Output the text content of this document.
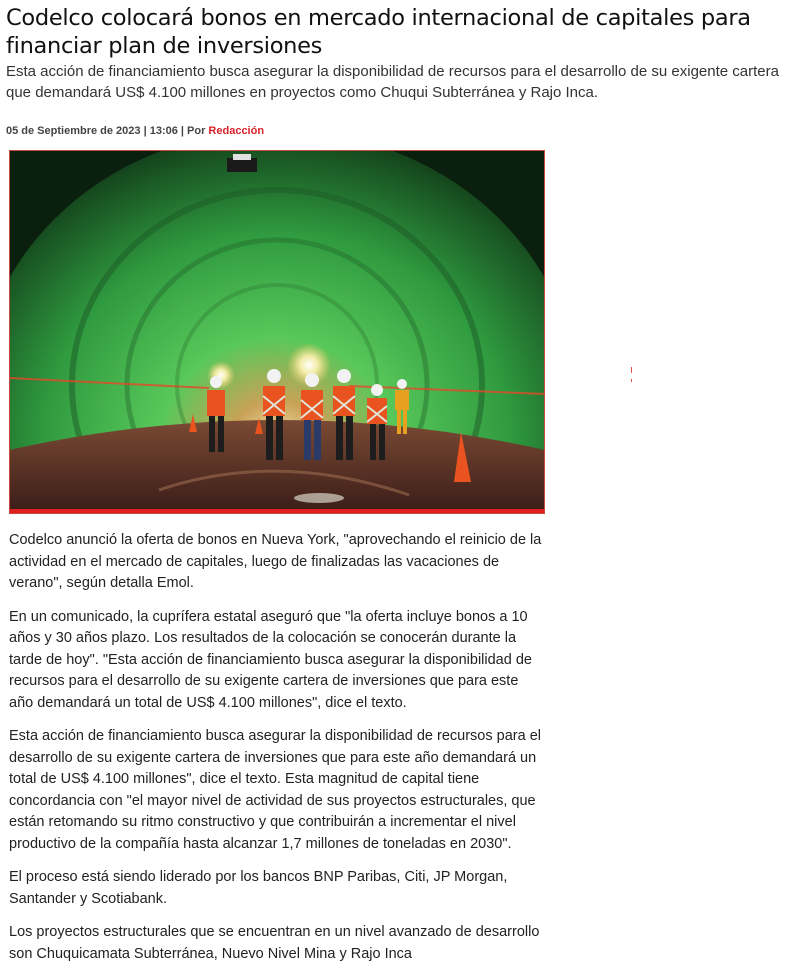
Codelco colocará bonos en mercado internacional de capitales para financiar plan de inversiones

Esta acción de financiamiento busca asegurar la disponibilidad de recursos para el desarrollo de su exigente cartera que demandará US$ 4.100 millones en proyectos como Chuqui Subterránea y Rajo Inca.

05 de Septiembre de 2023 | 13:06 | Por Redacción

Codelco anunció la oferta de bonos en Nueva York, "aprovechando el reinicio de la actividad en el mercado de capitales, luego de finalizadas las vacaciones de verano", según detalla Emol.

En un comunicado, la cuprífera estatal aseguró que "la oferta incluye bonos a 10 años y 30 años plazo. Los resultados de la colocación se conocerán durante la tarde de hoy". "Esta acción de financiamiento busca asegurar la disponibilidad de recursos para el desarrollo de su exigente cartera de inversiones que para este año demandará un total de US$ 4.100 millones", dice el texto.

Esta acción de financiamiento busca asegurar la disponibilidad de recursos para el desarrollo de su exigente cartera de inversiones que para este año demandará un total de US$ 4.100 millones", dice el texto. Esta magnitud de capital tiene concordancia con "el mayor nivel de actividad de sus proyectos estructurales, que están retomando su ritmo constructivo y que contribuirán a incrementar el nivel productivo de la compañía hasta alcanzar 1,7 millones de toneladas en 2030".

El proceso está siendo liderado por los bancos BNP Paribas, Citi, JP Morgan, Santander y Scotiabank.

Los proyectos estructurales que se encuentran en un nivel avanzado de desarrollo son Chuquicamata Subterránea, Nuevo Nivel Mina y Rajo Inca
